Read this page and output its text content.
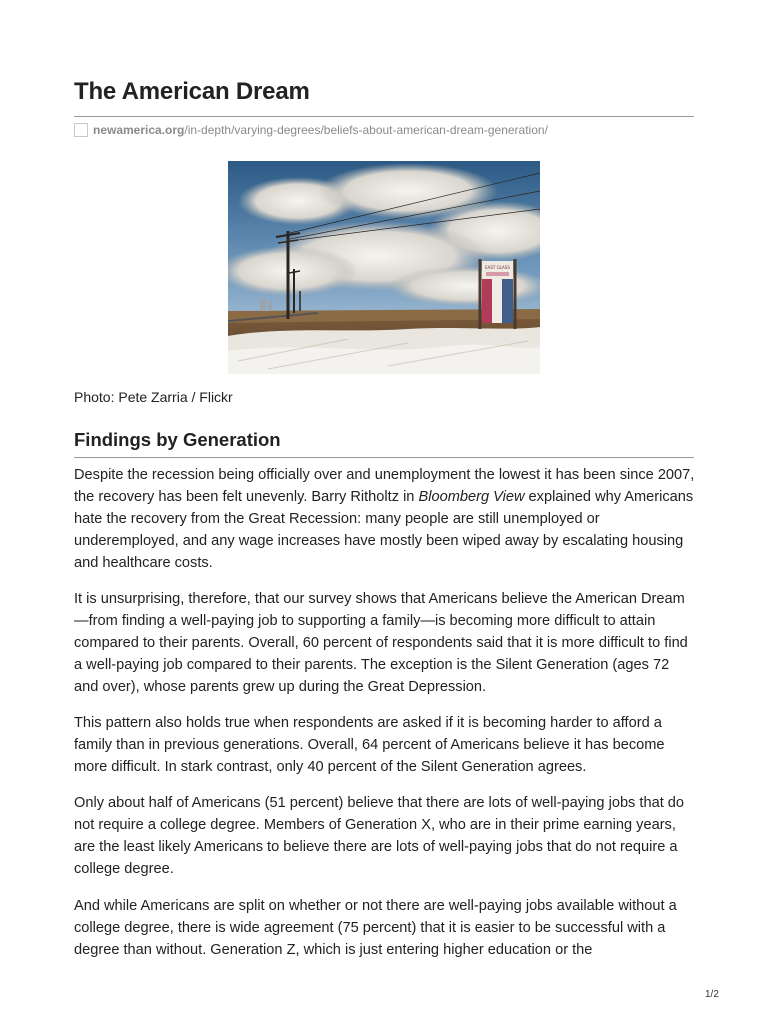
The American Dream
newamerica.org /in-depth/varying-degrees/beliefs-about-american-dream-generation/
EAST GLASS

Photo: Pete Zarria / Flickr

Findings by Generation

Despite the recession being officially over and unemployment the lowest it has been since 2007, the recovery has been felt unevenly. Barry Ritholtz in Bloomberg View explained why Americans hate the recovery from the Great Recession: many people are still unemployed or underemployed, and any wage increases have mostly been wiped away by escalating housing and healthcare costs.

It is unsurprising, therefore, that our survey shows that Americans believe the American Dream—from finding a well-paying job to supporting a family—is becoming more difficult to attain compared to their parents. Overall, 60 percent of respondents said that it is more difficult to find a well-paying job compared to their parents. The exception is the Silent Generation (ages 72 and over), whose parents grew up during the Great Depression.

This pattern also holds true when respondents are asked if it is becoming harder to afford a family than in previous generations. Overall, 64 percent of Americans believe it has become more difficult. In stark contrast, only 40 percent of the Silent Generation agrees.

Only about half of Americans (51 percent) believe that there are lots of well-paying jobs that do not require a college degree. Members of Generation X, who are in their prime earning years, are the least likely Americans to believe there are lots of well-paying jobs that do not require a college degree.

And while Americans are split on whether or not there are well-paying jobs available without a college degree, there is wide agreement (75 percent) that it is easier to be successful with a degree than without. Generation Z, which is just entering higher education or the

1/2
